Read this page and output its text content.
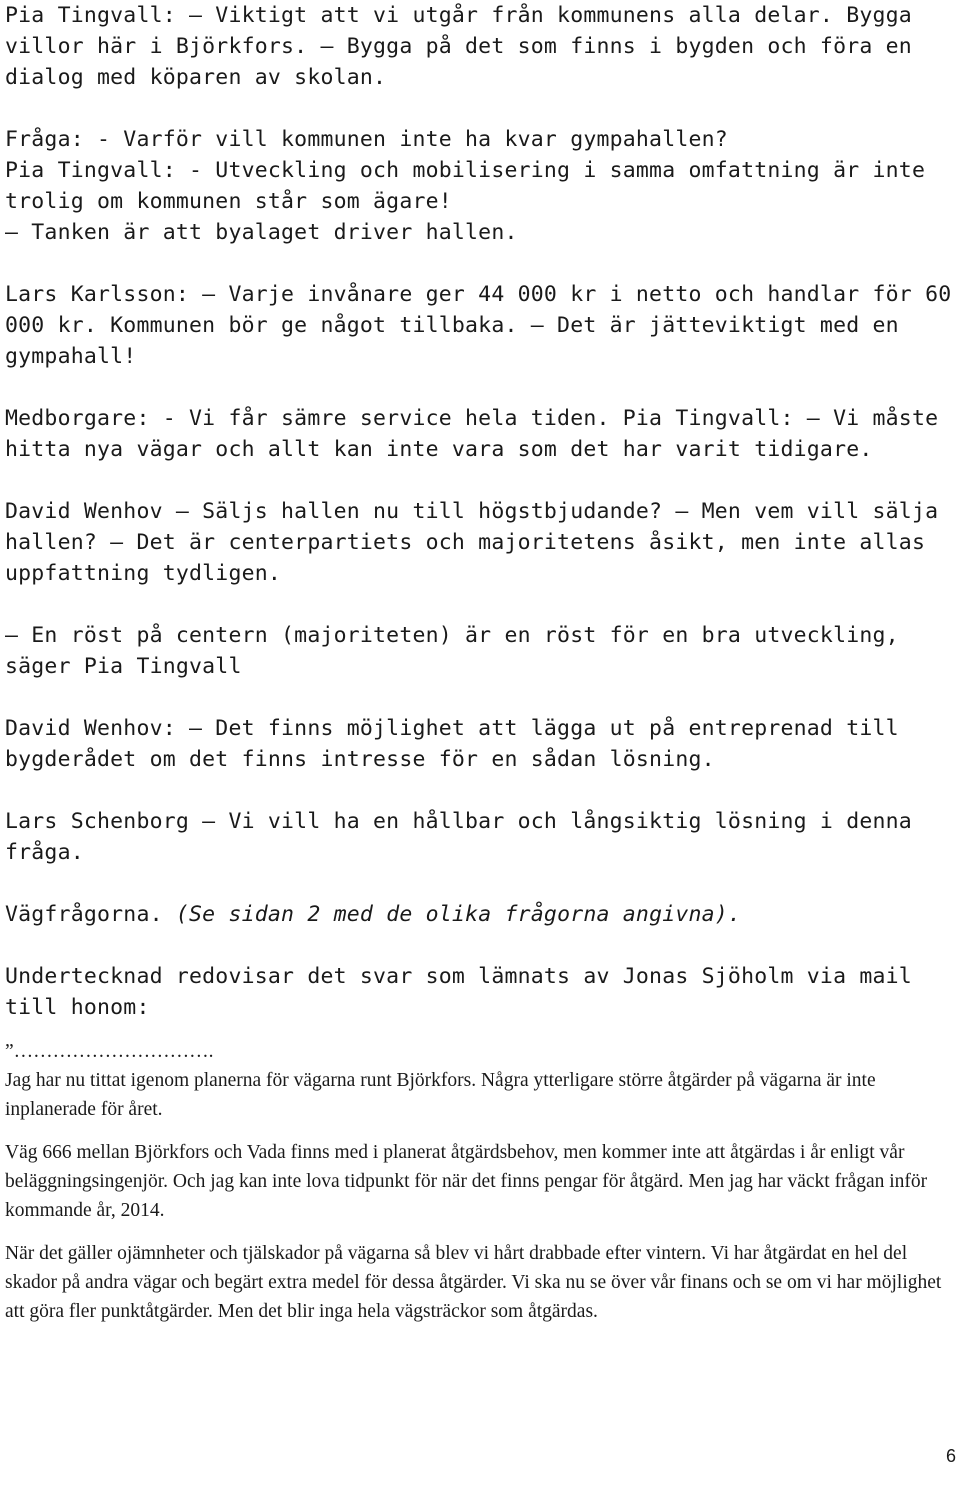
Pia Tingvall: — Viktigt att vi utgår från kommunens alla delar. Bygga villor här i Björkfors. — Bygga på det som finns i bygden och föra en dialog med köparen av skolan.

Fråga: - Varför vill kommunen inte ha kvar gympahallen?

Pia Tingvall: - Utveckling och mobilisering i samma omfattning är inte trolig om kommunen står som ägare!

— Tanken är att byalaget driver hallen.

Lars Karlsson: — Varje invånare ger 44 000 kr i netto och handlar för 60 000 kr. Kommunen bör ge något tillbaka. — Det är jätteviktigt med en gympahall!

Medborgare: - Vi får sämre service hela tiden. Pia Tingvall: — Vi måste hitta nya vägar och allt kan inte vara som det har varit tidigare.

David Wenhov — Säljs hallen nu till högstbjudande? — Men vem vill sälja hallen? — Det är centerpartiets och majoritetens åsikt, men inte allas uppfattning tydligen.

— En röst på centern (majoriteten) är en röst för en bra utveckling, säger Pia Tingvall

David Wenhov: — Det finns möjlighet att lägga ut på entreprenad till bygderådet om det finns intresse för en sådan lösning.

Lars Schenborg — Vi vill ha en hållbar och långsiktig lösning i denna fråga.

Vägfrågorna. (Se sidan 2 med de olika frågorna angivna).

Undertecknad redovisar det svar som lämnats av Jonas Sjöholm via mail till honom:

”………………………….

Jag har nu tittat igenom planerna för vägarna runt Björkfors. Några ytterligare större åtgärder på vägarna är inte inplanerade för året.

Väg 666 mellan Björkfors och Vada finns med i planerat åtgärdsbehov, men kommer inte att åtgärdas i år enligt vår beläggningsingenjör. Och jag kan inte lova tidpunkt för när det finns pengar för åtgärd. Men jag har väckt frågan inför kommande år, 2014.

När det gäller ojämnheter och tjälskador på vägarna så blev vi hårt drabbade efter vintern. Vi har åtgärdat en hel del skador på andra vägar och begärt extra medel för dessa åtgärder. Vi ska nu se över vår finans och se om vi har möjlighet att göra fler punktåtgärder. Men det blir inga hela vägsträckor som åtgärdas.

6
